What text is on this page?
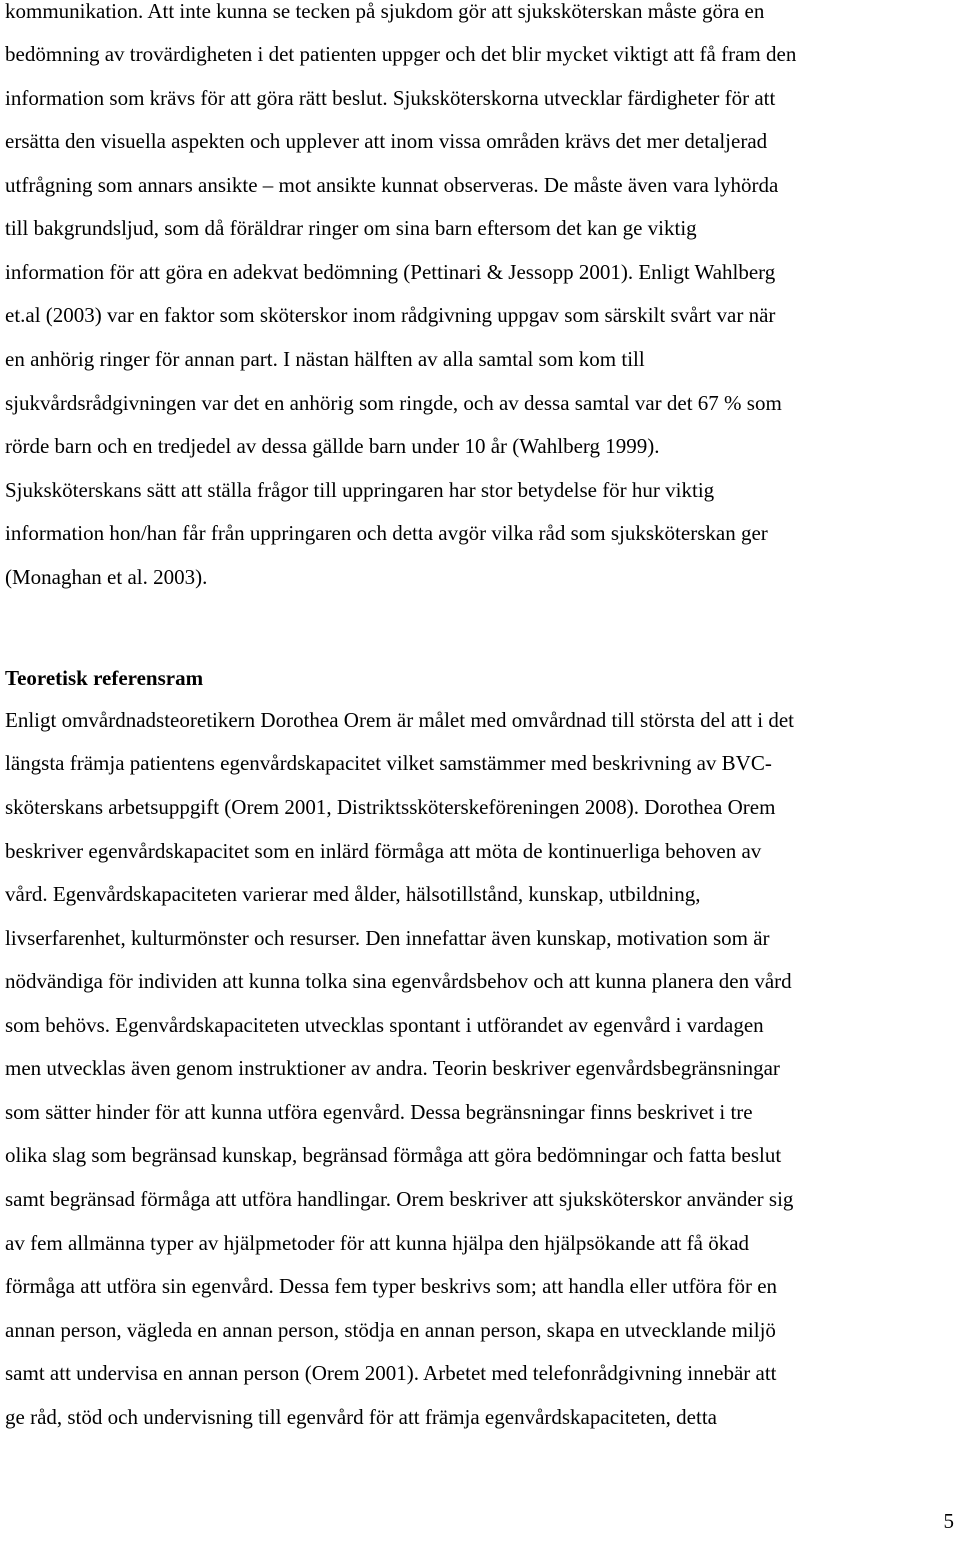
kommunikation. Att inte kunna se tecken på sjukdom gör att sjuksköterskan måste göra en
bedömning av trovärdigheten i det patienten uppger och det blir mycket viktigt att få fram den
information som krävs för att göra rätt beslut. Sjuksköterskorna utvecklar färdigheter för att
ersätta den visuella aspekten och upplever att inom vissa områden krävs det mer detaljerad
utfrågning som annars ansikte – mot ansikte kunnat observeras. De måste även vara lyhörda
till bakgrundsljud, som då föräldrar ringer om sina barn eftersom det kan ge viktig
information för att göra en adekvat bedömning (Pettinari & Jessopp 2001). Enligt Wahlberg
et.al (2003) var en faktor som sköterskor inom rådgivning uppgav som särskilt svårt var när
en anhörig ringer för annan part. I nästan hälften av alla samtal som kom till
sjukvårdsrådgivningen var det en anhörig som ringde, och av dessa samtal var det 67 % som
rörde barn och en tredjedel av dessa gällde barn under 10 år (Wahlberg 1999).
Sjuksköterskans sätt att ställa frågor till uppringaren har stor betydelse för hur viktig
information hon/han får från uppringaren och detta avgör vilka råd som sjuksköterskan ger
(Monaghan et al. 2003).
Teoretisk referensram
Enligt omvårdnadsteoretikern Dorothea Orem är målet med omvårdnad till största del att i det
längsta främja patientens egenvårdskapacitet vilket samstämmer med beskrivning av BVC-
sköterskans arbetsuppgift (Orem 2001, Distriktssköterskeföreningen 2008). Dorothea Orem
beskriver egenvårdskapacitet som en inlärd förmåga att möta de kontinuerliga behoven av
vård. Egenvårdskapaciteten varierar med ålder, hälsotillstånd, kunskap, utbildning,
livserfarenhet, kulturmönster och resurser. Den innefattar även kunskap, motivation som är
nödvändiga för individen att kunna tolka sina egenvårdsbehov och att kunna planera den vård
som behövs. Egenvårdskapaciteten utvecklas spontant i utförandet av egenvård i vardagen
men utvecklas även genom instruktioner av andra. Teorin beskriver egenvårdsbegränsningar
som sätter hinder för att kunna utföra egenvård. Dessa begränsningar finns beskrivet i tre
olika slag som begränsad kunskap, begränsad förmåga att göra bedömningar och fatta beslut
samt begränsad förmåga att utföra handlingar. Orem beskriver att sjuksköterskor använder sig
av fem allmänna typer av hjälpmetoder för att kunna hjälpa den hjälpsökande att få ökad
förmåga att utföra sin egenvård. Dessa fem typer beskrivs som; att handla eller utföra för en
annan person, vägleda en annan person, stödja en annan person, skapa en utvecklande miljö
samt att undervisa en annan person (Orem 2001). Arbetet med telefonrådgivning innebär att
ge råd, stöd och undervisning till egenvård för att främja egenvårdskapaciteten, detta
5
